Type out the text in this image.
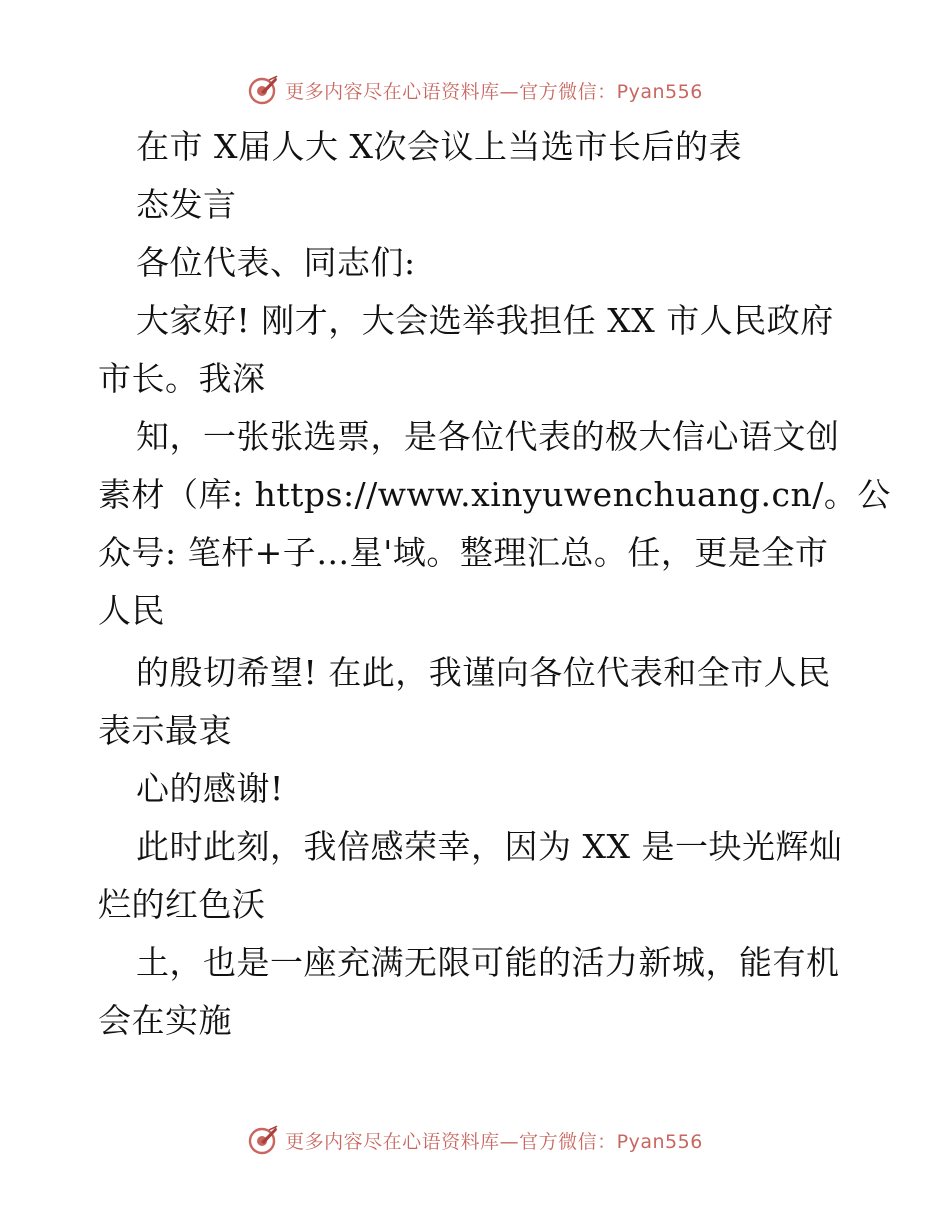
更多内容尽在心语资料库—官方微信：Pyan556
在市 X届人大 X次会议上当选市长后的表
态发言
各位代表、同志们:
大家好! 刚才，大会选举我担任 XX 市人民政府
市长。我深
知，一张张选票，是各位代表的极大信心语文创
素材（库: https://www.xinyuwenchuang.cn/。公
众号: 笔杆+子…星'域。整理汇总。任，更是全市
人民
的殷切希望! 在此，我谨向各位代表和全市人民
表示最衷
心的感谢!
此时此刻，我倍感荣幸，因为 XX 是一块光辉灿
烂的红色沃
土，也是一座充满无限可能的活力新城，能有机
会在实施
更多内容尽在心语资料库—官方微信：Pyan556
